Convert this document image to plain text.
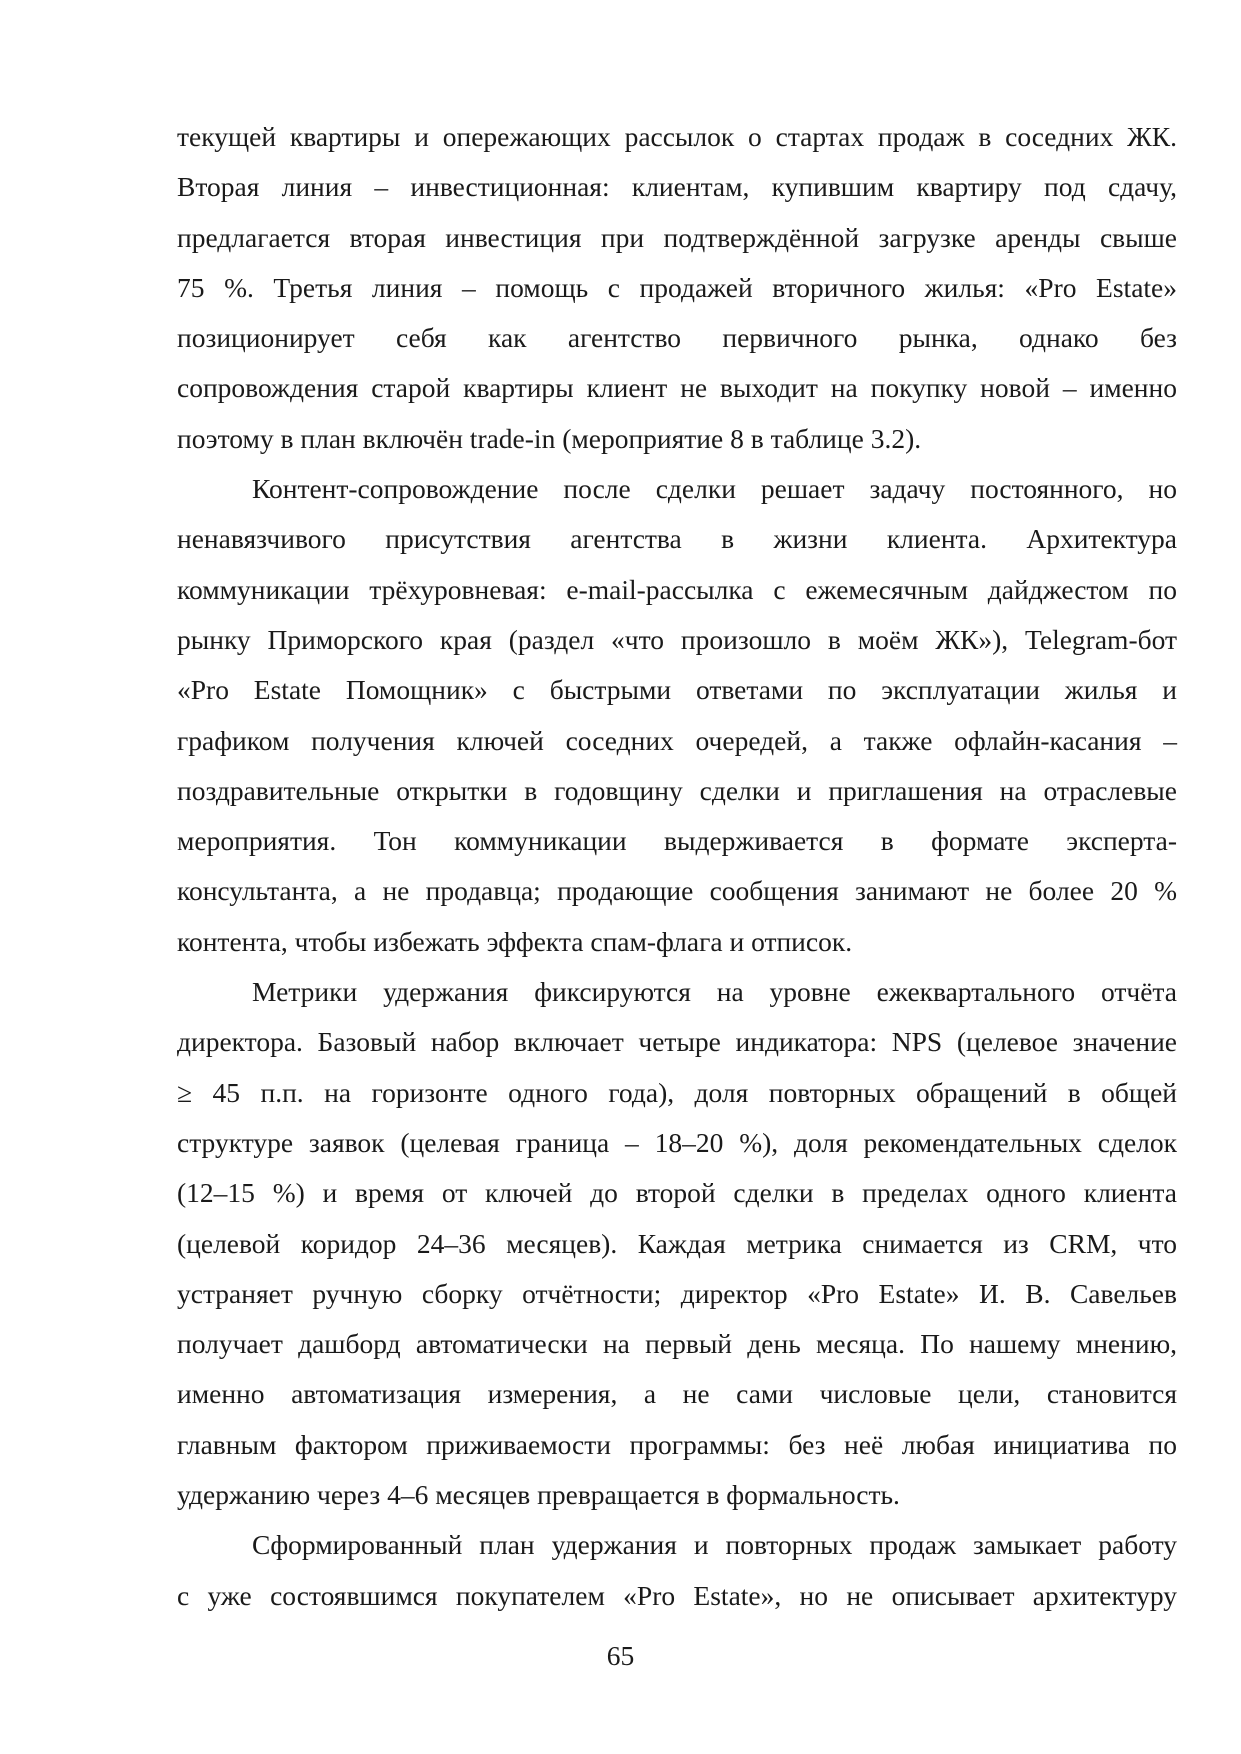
текущей квартиры и опережающих рассылок о стартах продаж в соседних ЖК.
Вторая линия – инвестиционная: клиентам, купившим квартиру под сдачу,
предлагается вторая инвестиция при подтверждённой загрузке аренды свыше
75 %. Третья линия – помощь с продажей вторичного жилья: «Pro Estate»
позиционирует себя как агентство первичного рынка, однако без
сопровождения старой квартиры клиент не выходит на покупку новой – именно
поэтому в план включён trade-in (мероприятие 8 в таблице 3.2).

Контент-сопровождение после сделки решает задачу постоянного, но
ненавязчивого присутствия агентства в жизни клиента. Архитектура
коммуникации трёхуровневая: e-mail-рассылка с ежемесячным дайджестом по
рынку Приморского края (раздел «что произошло в моём ЖК»), Telegram-бот
«Pro Estate Помощник» с быстрыми ответами по эксплуатации жилья и
графиком получения ключей соседних очередей, а также офлайн-касания –
поздравительные открытки в годовщину сделки и приглашения на отраслевые
мероприятия. Тон коммуникации выдерживается в формате эксперта-
консультанта, а не продавца; продающие сообщения занимают не более 20 %
контента, чтобы избежать эффекта спам-флага и отписок.

Метрики удержания фиксируются на уровне ежеквартального отчёта
директора. Базовый набор включает четыре индикатора: NPS (целевое значение
≥ 45 п.п. на горизонте одного года), доля повторных обращений в общей
структуре заявок (целевая граница – 18–20 %), доля рекомендательных сделок
(12–15 %) и время от ключей до второй сделки в пределах одного клиента
(целевой коридор 24–36 месяцев). Каждая метрика снимается из CRM, что
устраняет ручную сборку отчётности; директор «Pro Estate» И. В. Савельев
получает дашборд автоматически на первый день месяца. По нашему мнению,
именно автоматизация измерения, а не сами числовые цели, становится
главным фактором приживаемости программы: без неё любая инициатива по
удержанию через 4–6 месяцев превращается в формальность.

Сформированный план удержания и повторных продаж замыкает работу
с уже состоявшимся покупателем «Pro Estate», но не описывает архитектуру

65
